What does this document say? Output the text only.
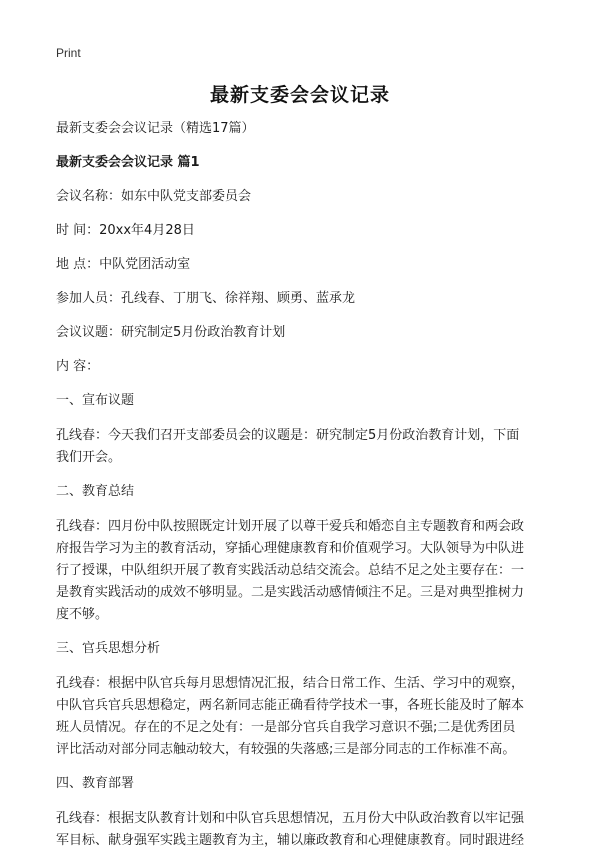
Print
最新支委会会议记录

最新支委会会议记录（精选17篇）

最新支委会会议记录 篇1

会议名称：如东中队党支部委员会

时 间：20xx年4月28日

地 点：中队党团活动室

参加人员：孔线春、丁朋飞、徐祥翔、顾勇、蓝承龙

会议议题：研究制定5月份政治教育计划

内 容：

一、宣布议题

孔线春：今天我们召开支部委员会的议题是：研究制定5月份政治教育计划，下面

我们开会。

二、教育总结

孔线春：四月份中队按照既定计划开展了以尊干爱兵和婚恋自主专题教育和两会政

府报告学习为主的教育活动，穿插心理健康教育和价值观学习。大队领导为中队进

行了授课，中队组织开展了教育实践活动总结交流会。总结不足之处主要存在：一

是教育实践活动的成效不够明显。二是实践活动感情倾注不足。三是对典型推树力

度不够。

三、官兵思想分析

孔线春：根据中队官兵每月思想情况汇报，结合日常工作、生活、学习中的观察，

中队官兵官兵思想稳定，两名新同志能正确看待学技术一事，各班长能及时了解本

班人员情况。存在的不足之处有：一是部分官兵自我学习意识不强;二是优秀团员

评比活动对部分同志触动较大，有较强的失落感;三是部分同志的工作标准不高。

四、教育部署

孔线春：根据支队教育计划和中队官兵思想情况，五月份大中队政治教育以牢记强

军目标、献身强军实践主题教育为主，辅以廉政教育和心理健康教育。同时跟进经
